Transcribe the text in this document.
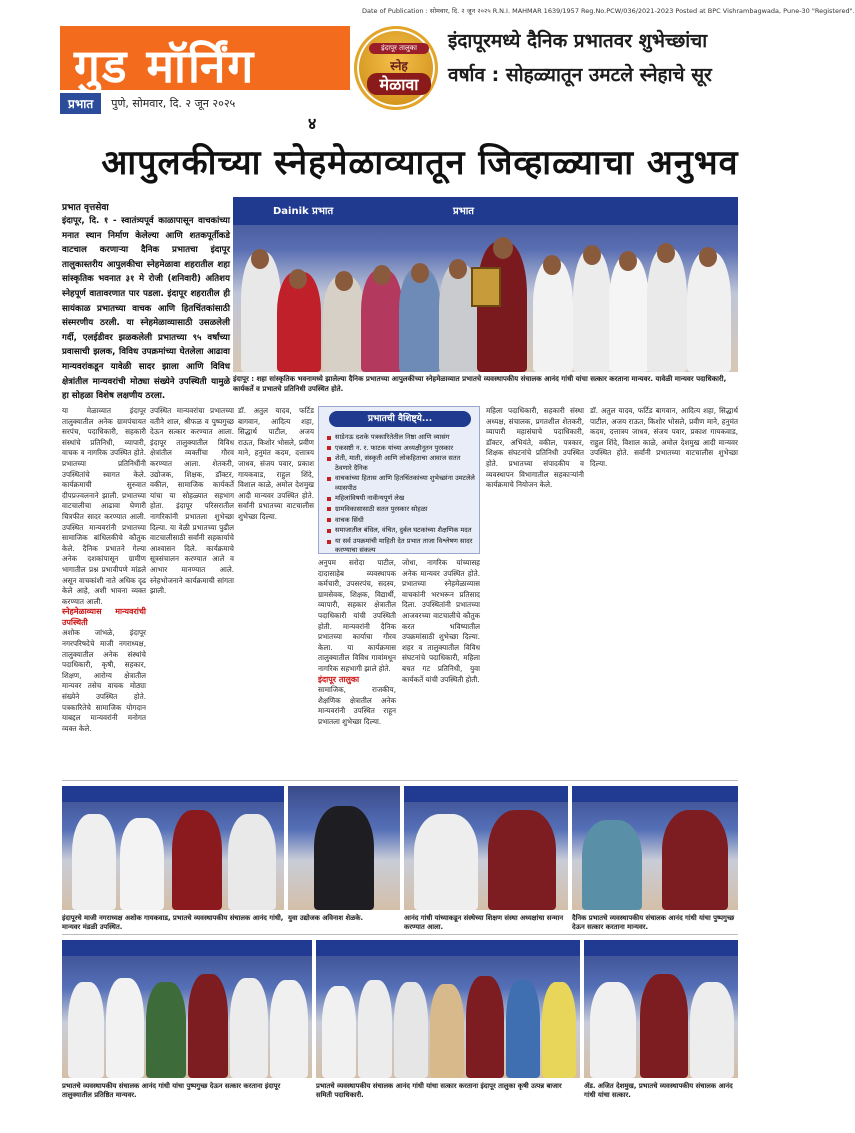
गुड मॉर्निंग
प्रभात	पुणे, सोमवार, दि. २ जून २०२५
४
Date of Publication : सोमवार, दि. २ जून २०२५ R.N.I. MAHMAR 1639/1957 Reg.No.PCW/036/2021-2023 Posted at BPC Vishrambagwada, Pune-30 "Registered".
इंदापूर तालुका
स्नेह
मेळावा
इंदापूरमध्ये दैनिक प्रभातवर शुभेच्छांचा
वर्षाव : सोहळ्यातून उमटले स्नेहाचे सूर
आपुलकीच्या स्नेहमेळाव्यातून जिव्हाळ्याचा अनुभव
प्रभात वृत्तसेवा
इंदापूर, दि. १ - स्वातंत्र्यपूर्व काळापासून वाचकांच्या मनात स्थान निर्माण केलेल्या आणि शतकपूर्तीकडे वाटचाल करणाऱ्या दैनिक प्रभातचा इंदापूर तालुकास्तरीय आपुलकीचा स्नेहमेळावा शहरातील शहा सांस्कृतिक भवनात ३१ मे रोजी (शनिवारी) अतिशय स्नेहपूर्ण वातावरणात पार पडला. इंदापूर शहरातील ही सायंकाळ प्रभातच्या वाचक आणि हितचिंतकांसाठी संस्मरणीय ठरली. या स्नेहमेळाव्यासाठी उसळलेली गर्दी, एलईडीवर झळकलेली प्रभातच्या ९५ वर्षांच्या प्रवासाची झलक, विविध उपक्रमांच्या घेतलेला आढावा मान्यवरांकडून यावेळी सादर झाला आणि विविध क्षेत्रांतील मान्यवरांची मोठ्या संख्येने उपस्थिती यामुळे हा सोहळा विशेष लक्षणीय ठरला.
Dainik प्रभात	प्रभात
इंदापूर : शहा सांस्कृतिक भवनामध्ये झालेल्या दैनिक प्रभातच्या आपुलकीच्या स्नेहमेळाव्यात प्रभातचे व्यवस्थापकीय संचालक आनंद गांधी यांचा सत्कार करताना मान्यवर. यावेळी मान्यवर पदाधिकारी, कार्यकर्ते व प्रभातचे प्रतिनिधी उपस्थित होते.
या मेळाव्यात इंदापूर तालुक्यातील अनेक ग्रामपंचायत सरपंच, पदाधिकारी, सहकारी संस्थांचे प्रतिनिधी, व्यापारी, वाचक व नागरिक उपस्थित होते. प्रभातच्या प्रतिनिधींनी उपस्थितांचे स्वागत केले. कार्यक्रमाची सुरुवात दीपप्रज्वलनाने झाली. प्रभातच्या वाटचालीचा आढावा घेणारी चित्रफीत सादर करण्यात आली. उपस्थित मान्यवरांनी प्रभातच्या सामाजिक बांधिलकीचे कौतुक केले. दैनिक प्रभातने गेल्या अनेक दशकांपासून ग्रामीण भागातील प्रश्न प्रभावीपणे मांडले असून वाचकांशी नाते अधिक दृढ केले आहे, अशी भावना व्यक्त करण्यात आली.
स्नेहमेळाव्यास मान्यवरांची उपस्थिती
अशोक जांभळे, इंदापूर नगरपरिषदेचे माजी नगराध्यक्ष, तालुक्यातील अनेक संस्थांचे पदाधिकारी, कृषी, सहकार, शिक्षण, आरोग्य क्षेत्रातील मान्यवर तसेच वाचक मोठ्या संख्येने उपस्थित होते. पत्रकारितेचे सामाजिक योगदान याबद्दल मान्यवरांनी मनोगत व्यक्त केले.
उपस्थित मान्यवरांचा प्रभातच्या वतीने शाल, श्रीफळ व पुष्पगुच्छ देऊन सत्कार करण्यात आला. इंदापूर तालुक्यातील विविध क्षेत्रांतील व्यक्तींचा गौरव करण्यात आला. शेतकरी, उद्योजक, शिक्षक, डॉक्टर, वकील, सामाजिक कार्यकर्ते यांचा या सोहळ्यात सहभाग होता. इंदापूर परिसरातील नागरिकांनी प्रभातला शुभेच्छा दिल्या. या वेळी प्रभातच्या पुढील वाटचालीसाठी सर्वांनी सहकार्याचे आश्वासन दिले. कार्यक्रमाचे सूत्रसंचालन करण्यात आले व आभार मानण्यात आले. स्नेहभोजनाने कार्यक्रमाची सांगता झाली.
डॉ. अतुल यादव, फर्टिड बागवान, आदित्य शहा, सिद्धार्थ पाटील, अजय राऊत, किशोर भोसले, प्रवीण माने, हनुमंत कदम, दत्तात्रय जाधव, संजय पवार, प्रकाश गायकवाड, राहुल शिंदे, विशाल काळे, अमोल देशमुख आदी मान्यवर उपस्थित होते. सर्वांनी प्रभातच्या वाटचालीस शुभेच्छा दिल्या.
प्रभातची वैशिष्ट्ये...
साडेनऊ दशके पत्रकारितेतील निष्ठा आणि व्यासंग
एकसष्टी न. र. फाटक यांच्या अध्यक्षीनूतन पुरस्कार
शेती, माती, संस्कृती आणि लोकहिताचा आवाज सतत ठेवणारे दैनिक
वाचकांच्या हितास आणि हितचिंतकांच्या शुभेच्छांना उमटलेले व्यासपीठ
महिलांविषयी नावीन्यपूर्ण लेख
ग्रामविकासासाठी सतत पुरस्कार सोहळा
वाचक सिंधी
समाजातील बंधिल, वंचित, दुर्बल घटकांच्या शैक्षणिक मदत
या सर्व उपक्रमांची माहिती देत प्रभात ताजा विश्लेषण सादर करण्याचा संकल्प
अनुपम सरोदा पाटील, दादासाहेब व्यवस्थापक कर्मचारी, उपसरपंच, सदस्य, ग्रामसेवक, शिक्षक, विद्यार्थी, व्यापारी, सहकार क्षेत्रातील पदाधिकारी यांची उपस्थिती होती. मान्यवरांनी दैनिक प्रभातच्या कार्याचा गौरव केला. या कार्यक्रमास तालुक्यातील विविध गावांमधून नागरिक सहभागी झाले होते.
इंदापूर तालुका
सामाजिक, राजकीय, शैक्षणिक क्षेत्रातील अनेक मान्यवरांनी उपस्थित राहून प्रभातला शुभेच्छा दिल्या.
जोधा, नागरिक यांच्यासह अनेक मान्यवर उपस्थित होते. प्रभातच्या स्नेहमेळाव्यास वाचकांनी भरभरून प्रतिसाद दिला. उपस्थितांनी प्रभातच्या आजवरच्या वाटचालीचे कौतुक करत भविष्यातील उपक्रमांसाठी शुभेच्छा दिल्या. शहर व तालुक्यातील विविध संघटनांचे पदाधिकारी, महिला बचत गट प्रतिनिधी, युवा कार्यकर्ते यांची उपस्थिती होती.
महिला पदाधिकारी, सहकारी संस्था अध्यक्ष, संचालक, प्रगतशील शेतकरी, व्यापारी महासंघाचे पदाधिकारी, डॉक्टर, अभियंते, वकील, पत्रकार, शिक्षक संघटनांचे प्रतिनिधी उपस्थित होते. प्रभातच्या संपादकीय व व्यवस्थापन विभागातील सहकाऱ्यांनी कार्यक्रमाचे नियोजन केले.
डॉ. अतुल यादव, फर्टिड बागवान, आदित्य शहा, सिद्धार्थ पाटील, अजय राऊत, किशोर भोसले, प्रवीण माने, हनुमंत कदम, दत्तात्रय जाधव, संजय पवार, प्रकाश गायकवाड, राहुल शिंदे, विशाल काळे, अमोल देशमुख आदी मान्यवर उपस्थित होते. सर्वांनी प्रभातच्या वाटचालीस शुभेच्छा दिल्या.
इंदापूरचे माजी नगराध्यक्ष अशोक गायकवाड, प्रभातचे व्यवस्थापकीय संचालक आनंद गांधी, मान्यवर मंडळी उपस्थित.
युवा उद्योजक अविनाश शेळके.	आनंद गांधी यांच्याकडून संस्थेच्या शिक्षण संस्था अध्यक्षांचा सन्मान करण्यात आला.
दैनिक प्रभातचे व्यवस्थापकीय संचालक आनंद गांधी यांचा पुष्पगुच्छ देऊन सत्कार करताना मान्यवर.
प्रभातचे व्यवस्थापकीय संचालक आनंद गांधी यांचा पुष्पगुच्छ देऊन सत्कार करताना इंदापूर तालुक्यातील प्रतिष्ठित मान्यवर.
प्रभातचे व्यवस्थापकीय संचालक आनंद गांधी यांचा सत्कार करताना इंदापूर तालुका कृषी उत्पन्न बाजार समिती पदाधिकारी.
ॲड. अजित देशमुख, प्रभातचे व्यवस्थापकीय संचालक आनंद गांधी यांचा सत्कार.
